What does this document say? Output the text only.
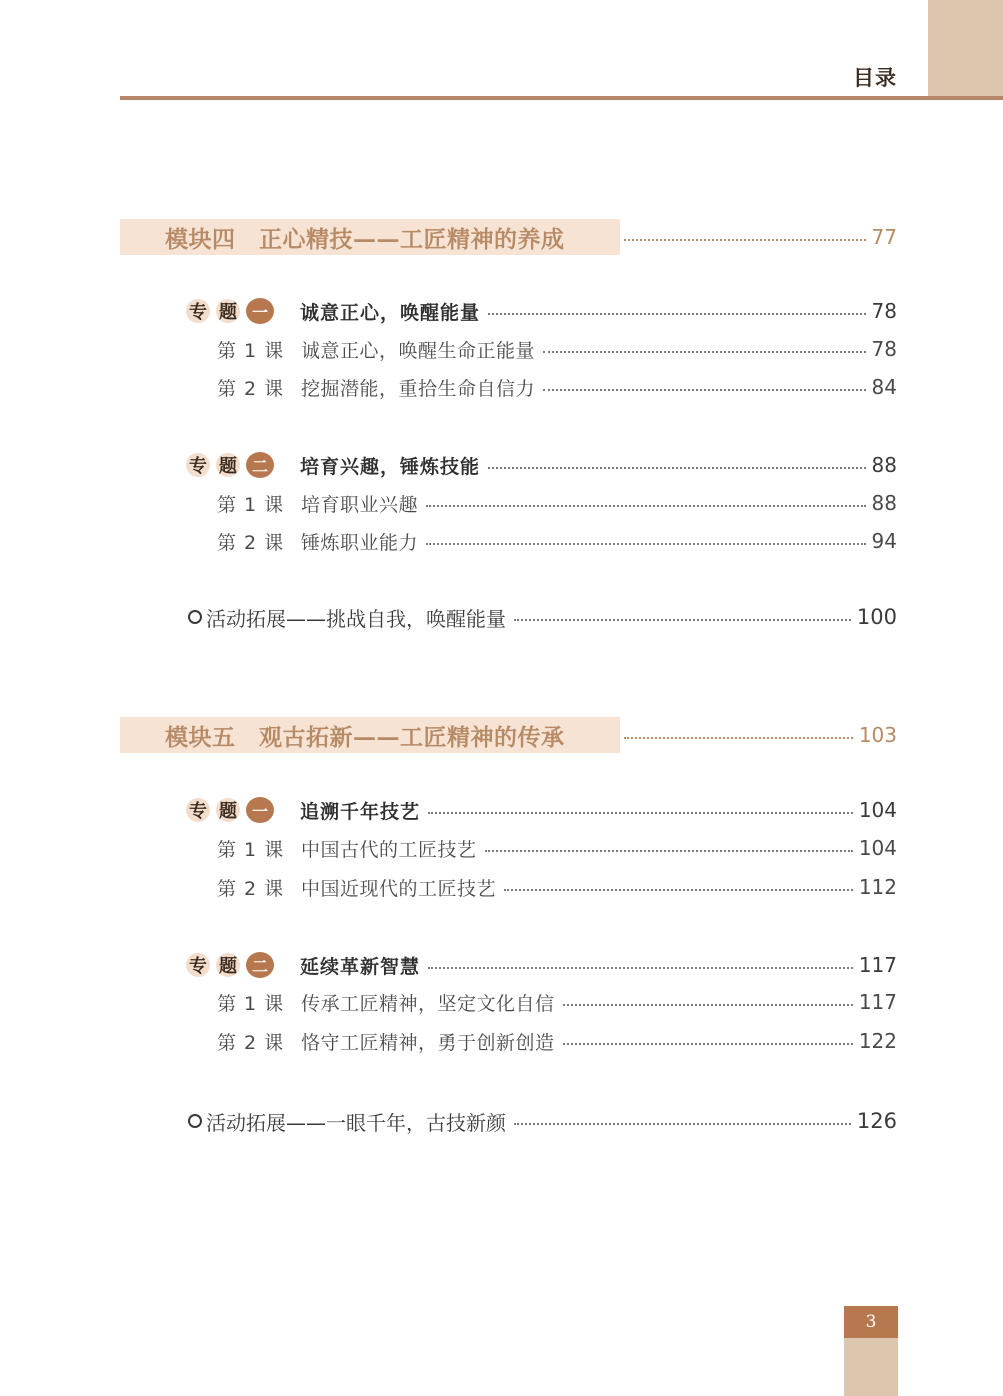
目录
模块四　正心精技——工匠精神的养成	77
专 题 一	诚意正心，唤醒能量	78
第 1 课 诚意正心，唤醒生命正能量	78
第 2 课 挖掘潜能，重拾生命自信力	84
专 题 二	培育兴趣，锤炼技能	88
第 1 课 培育职业兴趣	88
第 2 课 锤炼职业能力	94
活动拓展——挑战自我，唤醒能量	100
模块五　观古拓新——工匠精神的传承	103
专 题 一	追溯千年技艺	104
第 1 课 中国古代的工匠技艺	104
第 2 课 中国近现代的工匠技艺	112
专 题 二	延续革新智慧	117
第 1 课 传承工匠精神，坚定文化自信	117
第 2 课 恪守工匠精神，勇于创新创造	122
活动拓展——一眼千年，古技新颜	126
3
